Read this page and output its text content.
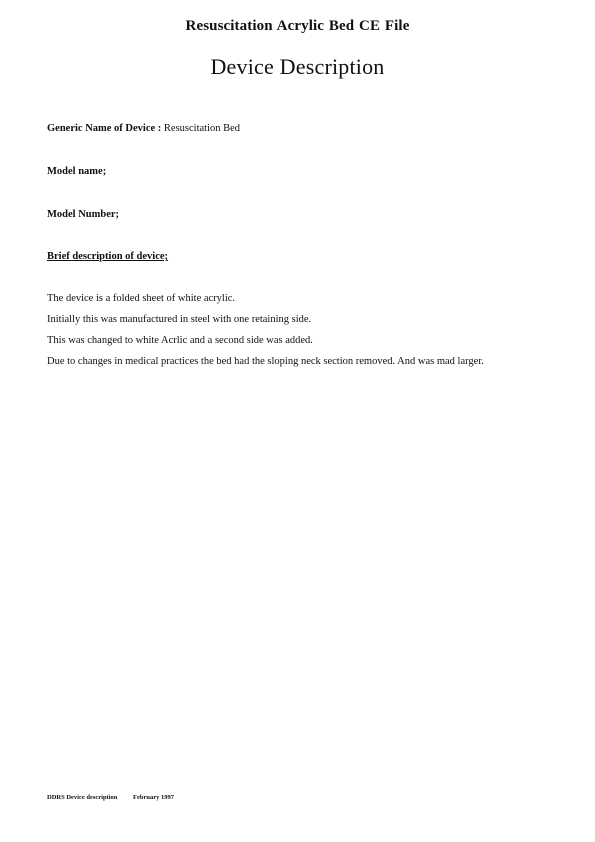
Resuscitation Acrylic Bed CE File
Device Description
Generic Name of Device : Resuscitation Bed
Model name;
Model Number;
Brief description of device;
The device is a folded sheet of white acrylic.
Initially this was manufactured in steel with one retaining side.
This was changed to white Acrlic and a second side was added.
Due to changes in medical practices the bed had the sloping neck section removed. And was mad larger.
DDRS Device description February 1997
